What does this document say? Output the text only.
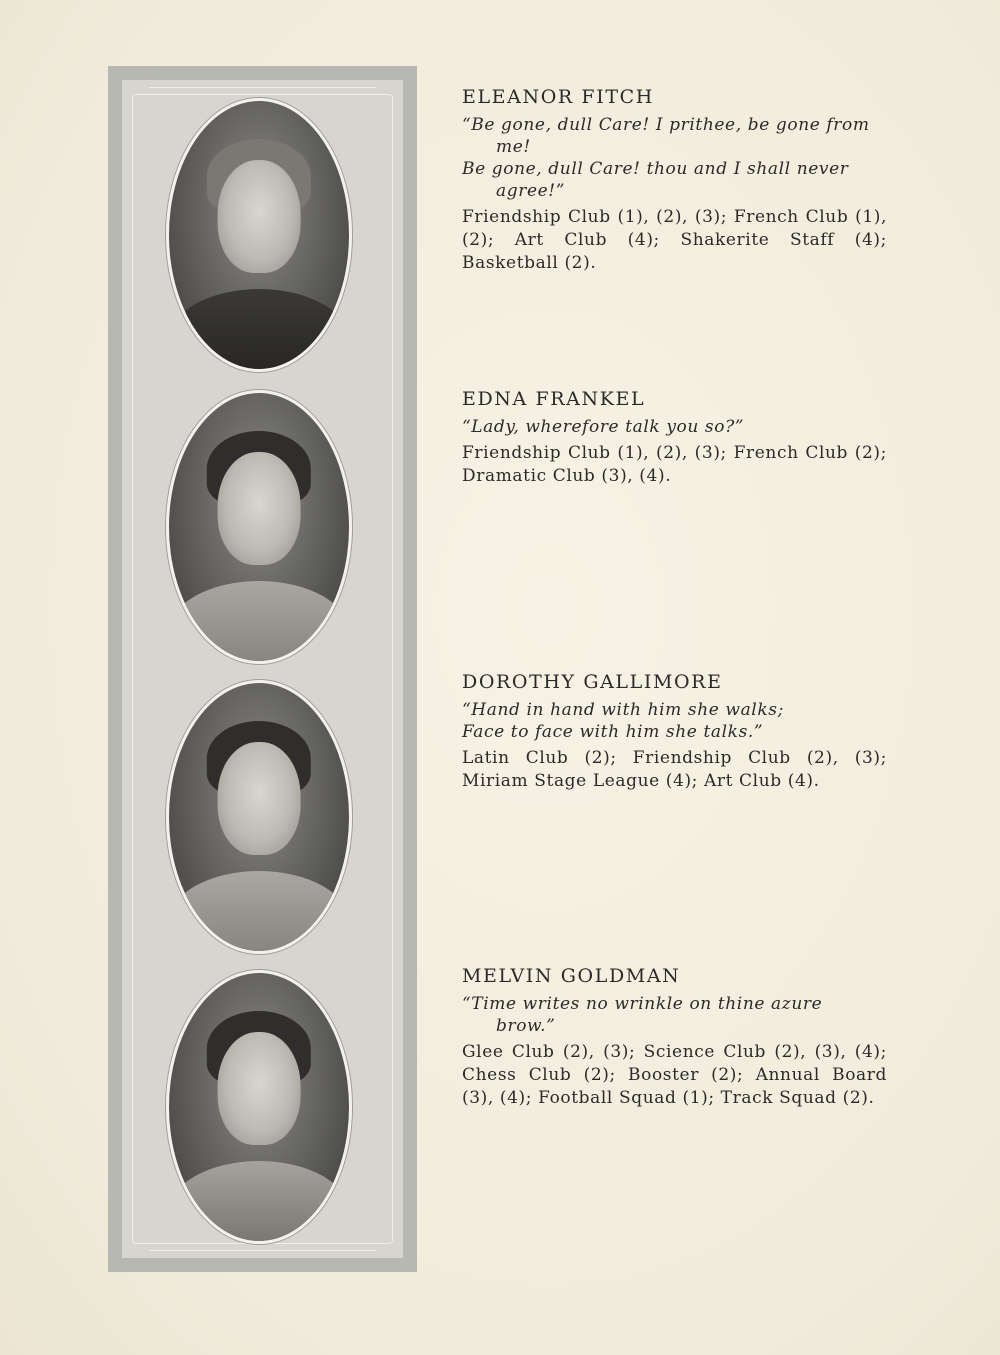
ELEANOR FITCH

“Be gone, dull Care! I prithee, be gone from me!
Be gone, dull Care! thou and I shall never agree!”

Friendship Club (1), (2), (3); French Club (1), (2); Art Club (4); Shakerite Staff (4); Basketball (2).

EDNA FRANKEL

“Lady, wherefore talk you so?”

Friendship Club (1), (2), (3); French Club (2); Dramatic Club (3), (4).

DOROTHY GALLIMORE

“Hand in hand with him she walks;
Face to face with him she talks.”

Latin Club (2); Friendship Club (2), (3); Miriam Stage League (4); Art Club (4).

MELVIN GOLDMAN

“Time writes no wrinkle on thine azure brow.”

Glee Club (2), (3); Science Club (2), (3), (4); Chess Club (2); Booster (2); Annual Board (3), (4); Football Squad (1); Track Squad (2).
